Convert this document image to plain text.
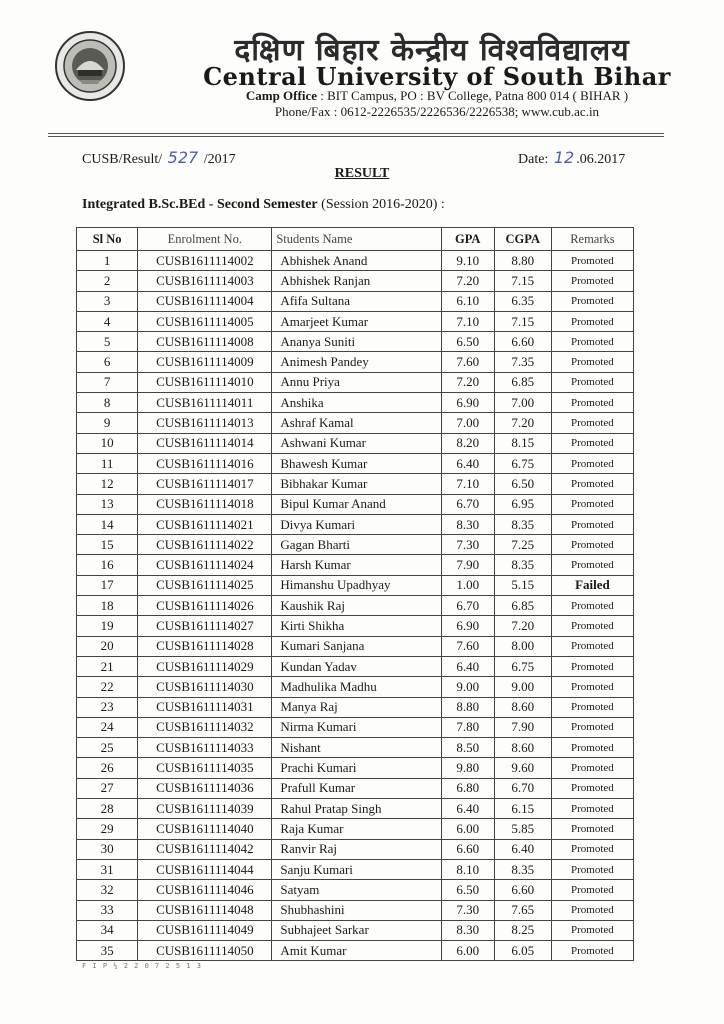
दक्षिण बिहार केन्द्रीय विश्वविद्यालय
Central University of South Bihar
Camp Office : BIT Campus, PO : BV College, Patna 800 014 ( BIHAR )
Phone/Fax : 0612-2226535/2226536/2226538; www.cub.ac.in
CUSB/Result/ 527 /2017	Date: 12 .06.2017
RESULT
Integrated B.Sc.BEd - Second Semester (Session 2016-2020) :
Sl No	Enrolment No.	Students Name	GPA	CGPA	Remarks
1	CUSB1611114002	Abhishek Anand	9.10	8.80	Promoted
2	CUSB1611114003	Abhishek Ranjan	7.20	7.15	Promoted
3	CUSB1611114004	Afifa Sultana	6.10	6.35	Promoted
4	CUSB1611114005	Amarjeet Kumar	7.10	7.15	Promoted
5	CUSB1611114008	Ananya Suniti	6.50	6.60	Promoted
6	CUSB1611114009	Animesh Pandey	7.60	7.35	Promoted
7	CUSB1611114010	Annu Priya	7.20	6.85	Promoted
8	CUSB1611114011	Anshika	6.90	7.00	Promoted
9	CUSB1611114013	Ashraf Kamal	7.00	7.20	Promoted
10	CUSB1611114014	Ashwani Kumar	8.20	8.15	Promoted
11	CUSB1611114016	Bhawesh Kumar	6.40	6.75	Promoted
12	CUSB1611114017	Bibhakar Kumar	7.10	6.50	Promoted
13	CUSB1611114018	Bipul Kumar Anand	6.70	6.95	Promoted
14	CUSB1611114021	Divya Kumari	8.30	8.35	Promoted
15	CUSB1611114022	Gagan Bharti	7.30	7.25	Promoted
16	CUSB1611114024	Harsh Kumar	7.90	8.35	Promoted
17	CUSB1611114025	Himanshu Upadhyay	1.00	5.15	Failed
18	CUSB1611114026	Kaushik Raj	6.70	6.85	Promoted
19	CUSB1611114027	Kirti Shikha	6.90	7.20	Promoted
20	CUSB1611114028	Kumari Sanjana	7.60	8.00	Promoted
21	CUSB1611114029	Kundan Yadav	6.40	6.75	Promoted
22	CUSB1611114030	Madhulika Madhu	9.00	9.00	Promoted
23	CUSB1611114031	Manya Raj	8.80	8.60	Promoted
24	CUSB1611114032	Nirma Kumari	7.80	7.90	Promoted
25	CUSB1611114033	Nishant	8.50	8.60	Promoted
26	CUSB1611114035	Prachi Kumari	9.80	9.60	Promoted
27	CUSB1611114036	Prafull Kumar	6.80	6.70	Promoted
28	CUSB1611114039	Rahul Pratap Singh	6.40	6.15	Promoted
29	CUSB1611114040	Raja Kumar	6.00	5.85	Promoted
30	CUSB1611114042	Ranvir Raj	6.60	6.40	Promoted
31	CUSB1611114044	Sanju Kumari	8.10	8.35	Promoted
32	CUSB1611114046	Satyam	6.50	6.60	Promoted
33	CUSB1611114048	Shubhashini	7.30	7.65	Promoted
34	CUSB1611114049	Subhajeet Sarkar	8.30	8.25	Promoted
35	CUSB1611114050	Amit Kumar	6.00	6.05	Promoted
F I P ½ 2 2 0 7 2 5 1 3
